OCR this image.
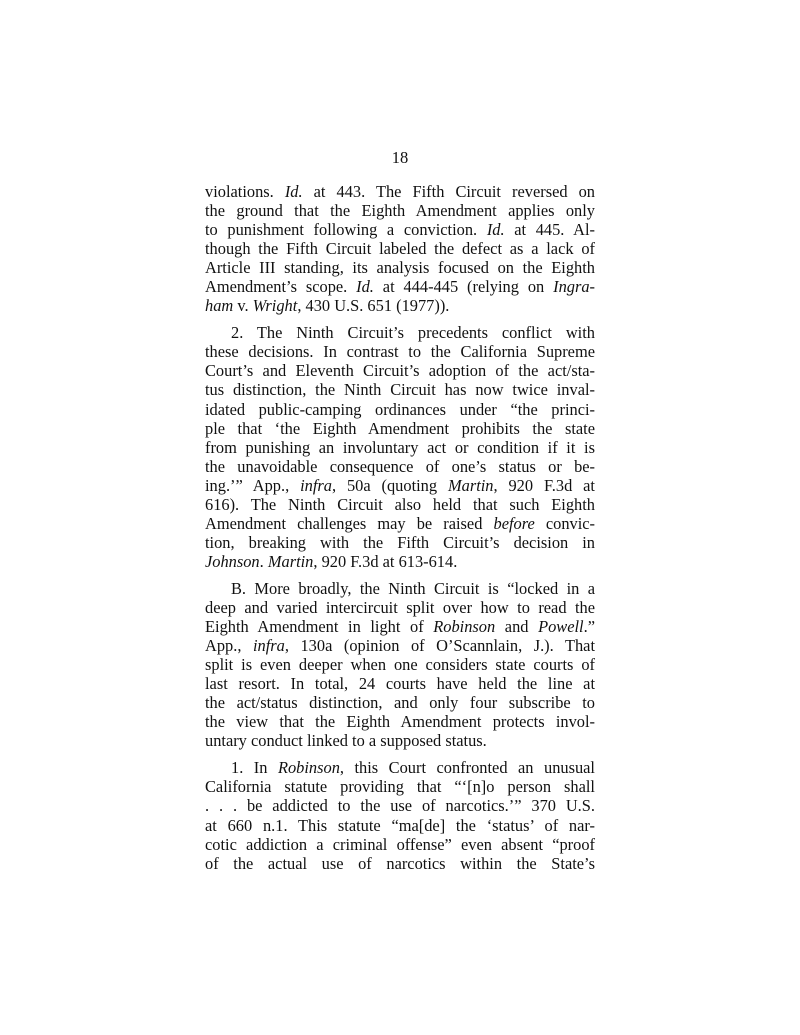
18
violations. Id. at 443. The Fifth Circuit reversed on
the ground that the Eighth Amendment applies only
to punishment following a conviction. Id. at 445. Al-
though the Fifth Circuit labeled the defect as a lack of
Article III standing, its analysis focused on the Eighth
Amendment’s scope. Id. at 444-445 (relying on Ingra-
ham v. Wright, 430 U.S. 651 (1977)).
2. The Ninth Circuit’s precedents conflict with
these decisions. In contrast to the California Supreme
Court’s and Eleventh Circuit’s adoption of the act/sta-
tus distinction, the Ninth Circuit has now twice inval-
idated public-camping ordinances under “the princi-
ple that ‘the Eighth Amendment prohibits the state
from punishing an involuntary act or condition if it is
the unavoidable consequence of one’s status or be-
ing.’” App., infra, 50a (quoting Martin, 920 F.3d at
616). The Ninth Circuit also held that such Eighth
Amendment challenges may be raised before convic-
tion, breaking with the Fifth Circuit’s decision in
Johnson. Martin, 920 F.3d at 613-614.
B. More broadly, the Ninth Circuit is “locked in a
deep and varied intercircuit split over how to read the
Eighth Amendment in light of Robinson and Powell.”
App., infra, 130a (opinion of O’Scannlain, J.). That
split is even deeper when one considers state courts of
last resort. In total, 24 courts have held the line at
the act/status distinction, and only four subscribe to
the view that the Eighth Amendment protects invol-
untary conduct linked to a supposed status.
1. In Robinson, this Court confronted an unusual
California statute providing that “‘[n]o person shall
. . . be addicted to the use of narcotics.’” 370 U.S.
at 660 n.1. This statute “ma[de] the ‘status’ of nar-
cotic addiction a criminal offense” even absent “proof
of the actual use of narcotics within the State’s
